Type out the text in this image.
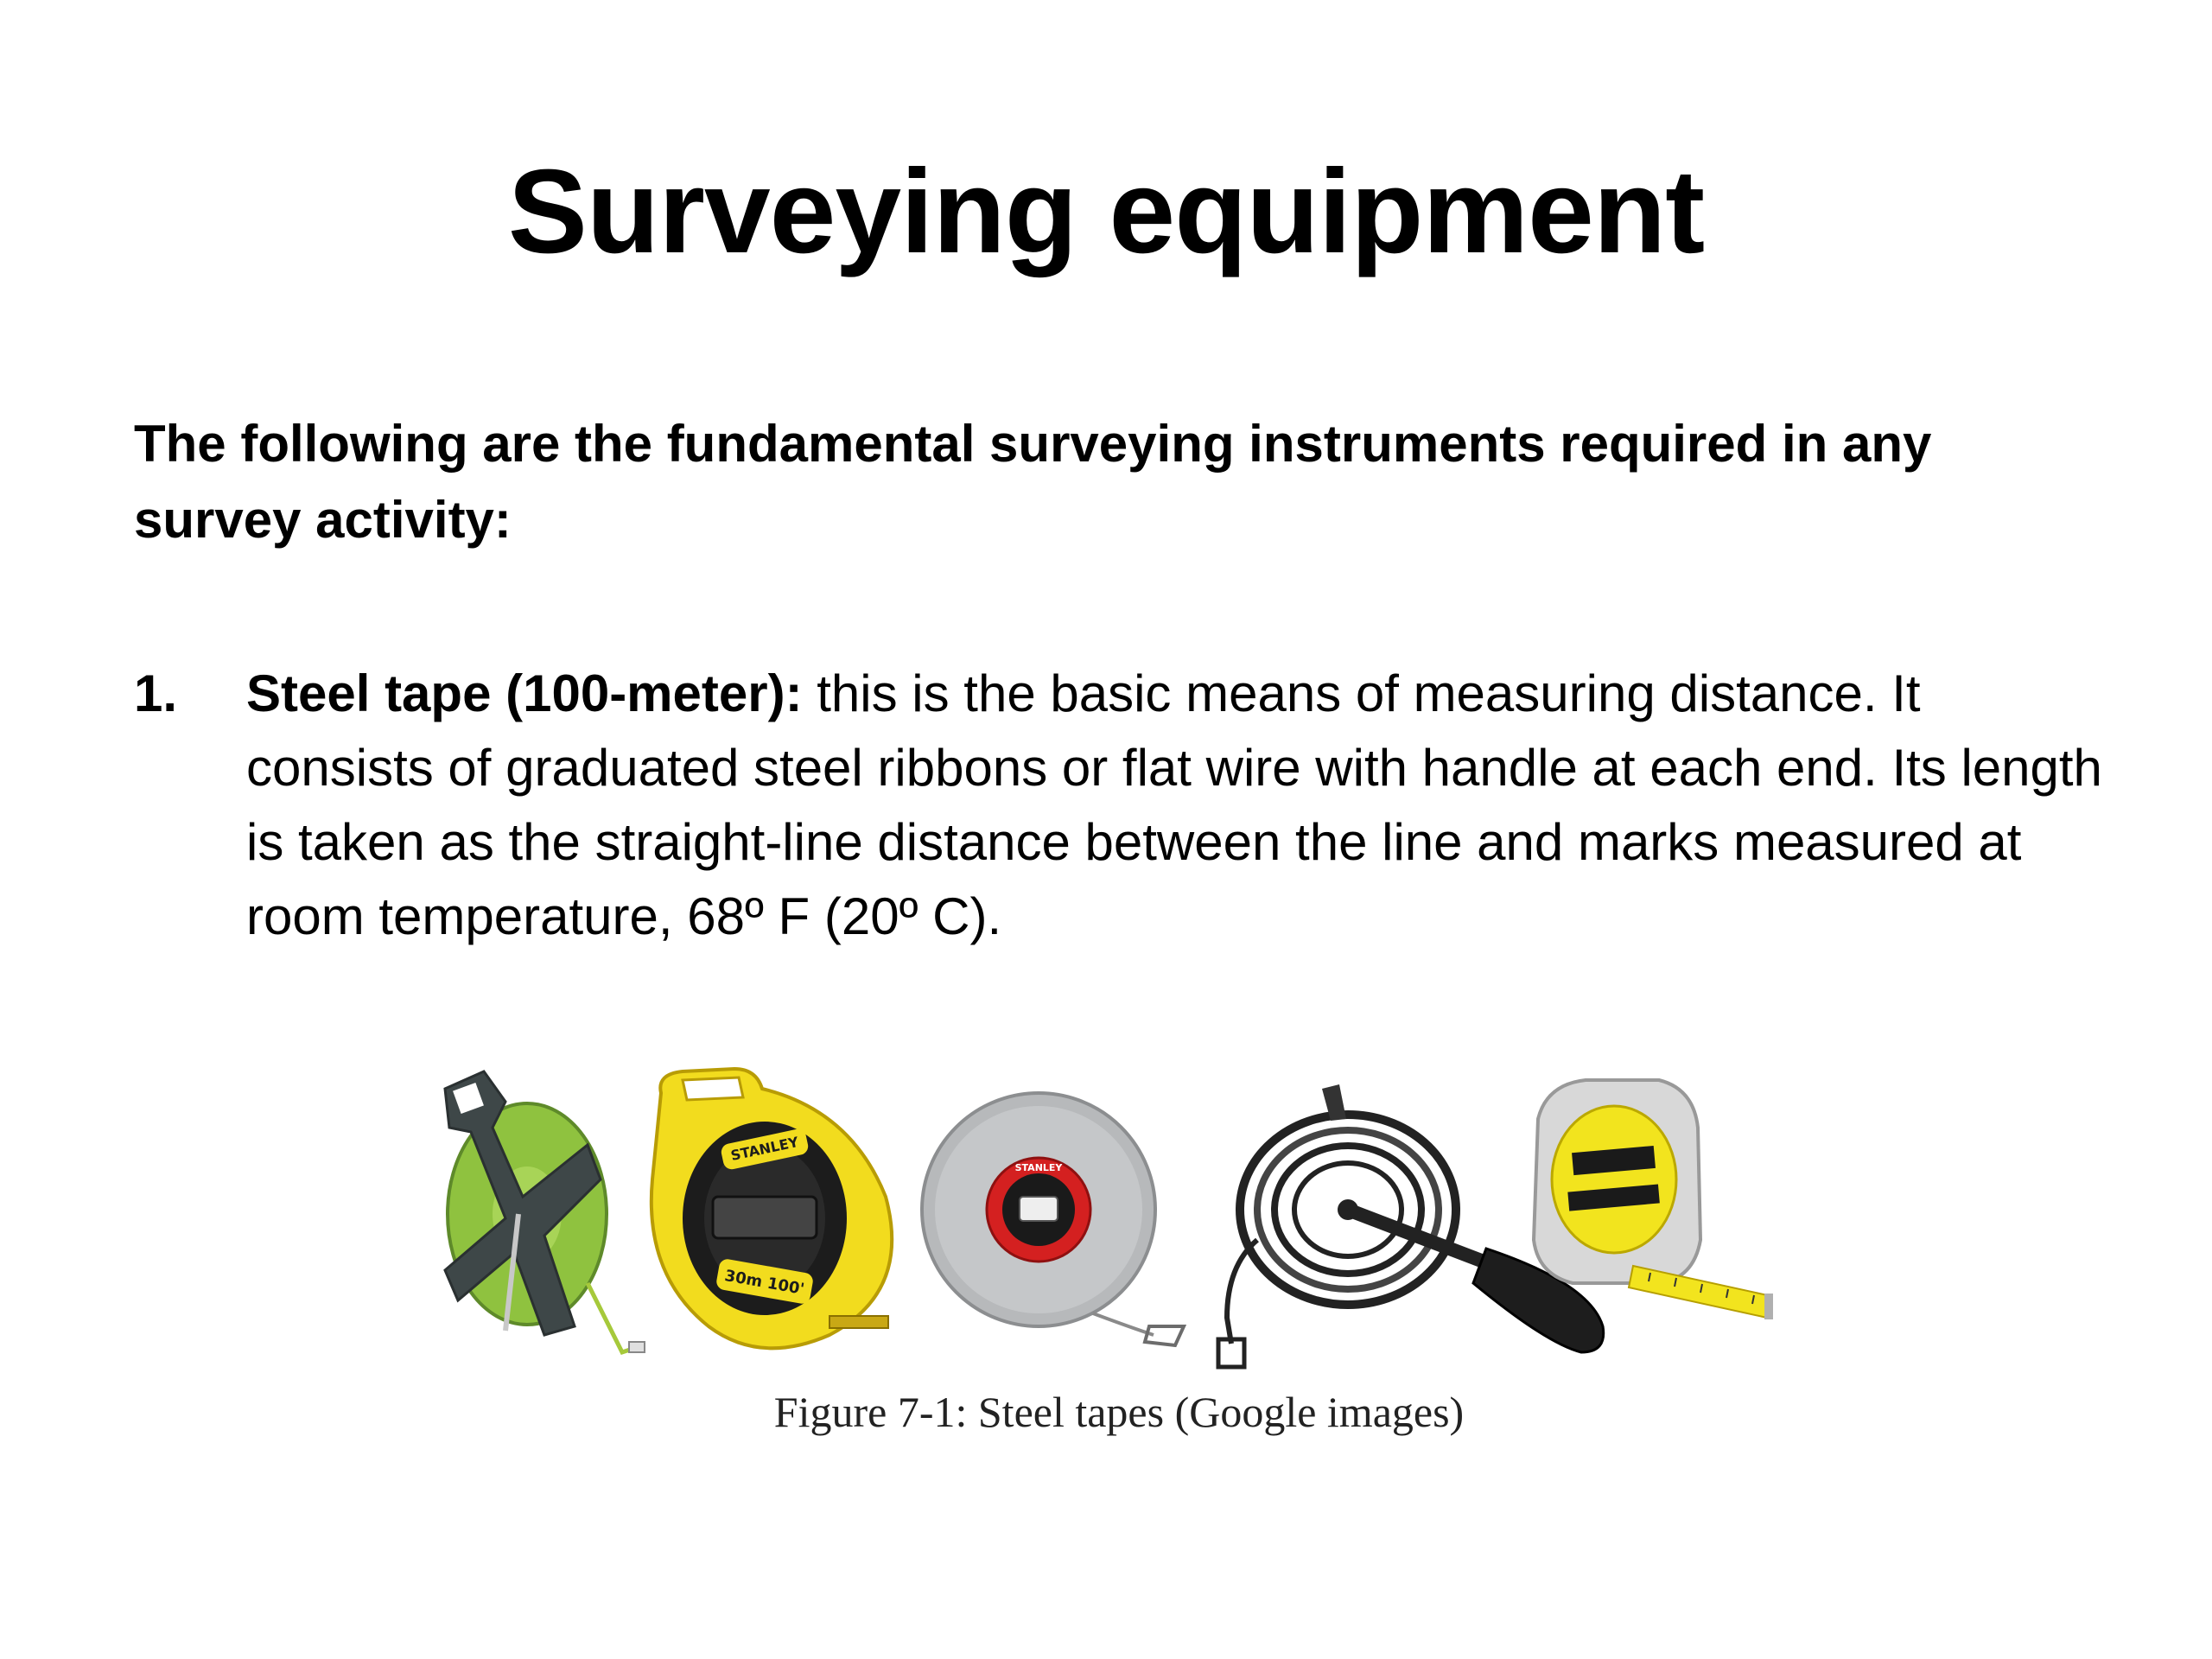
Surveying equipment
The following are the fundamental surveying instruments required in any survey activity:
1. Steel tape (100-meter): this is the basic means of measuring distance. It consists of graduated steel ribbons or flat wire with handle at each end. Its length is taken as the straight-line distance between the line and marks measured at room temperature, 68º F (20º C).
STANLEY
30m 100'
STANLEY
Figure 7-1: Steel tapes (Google images)
